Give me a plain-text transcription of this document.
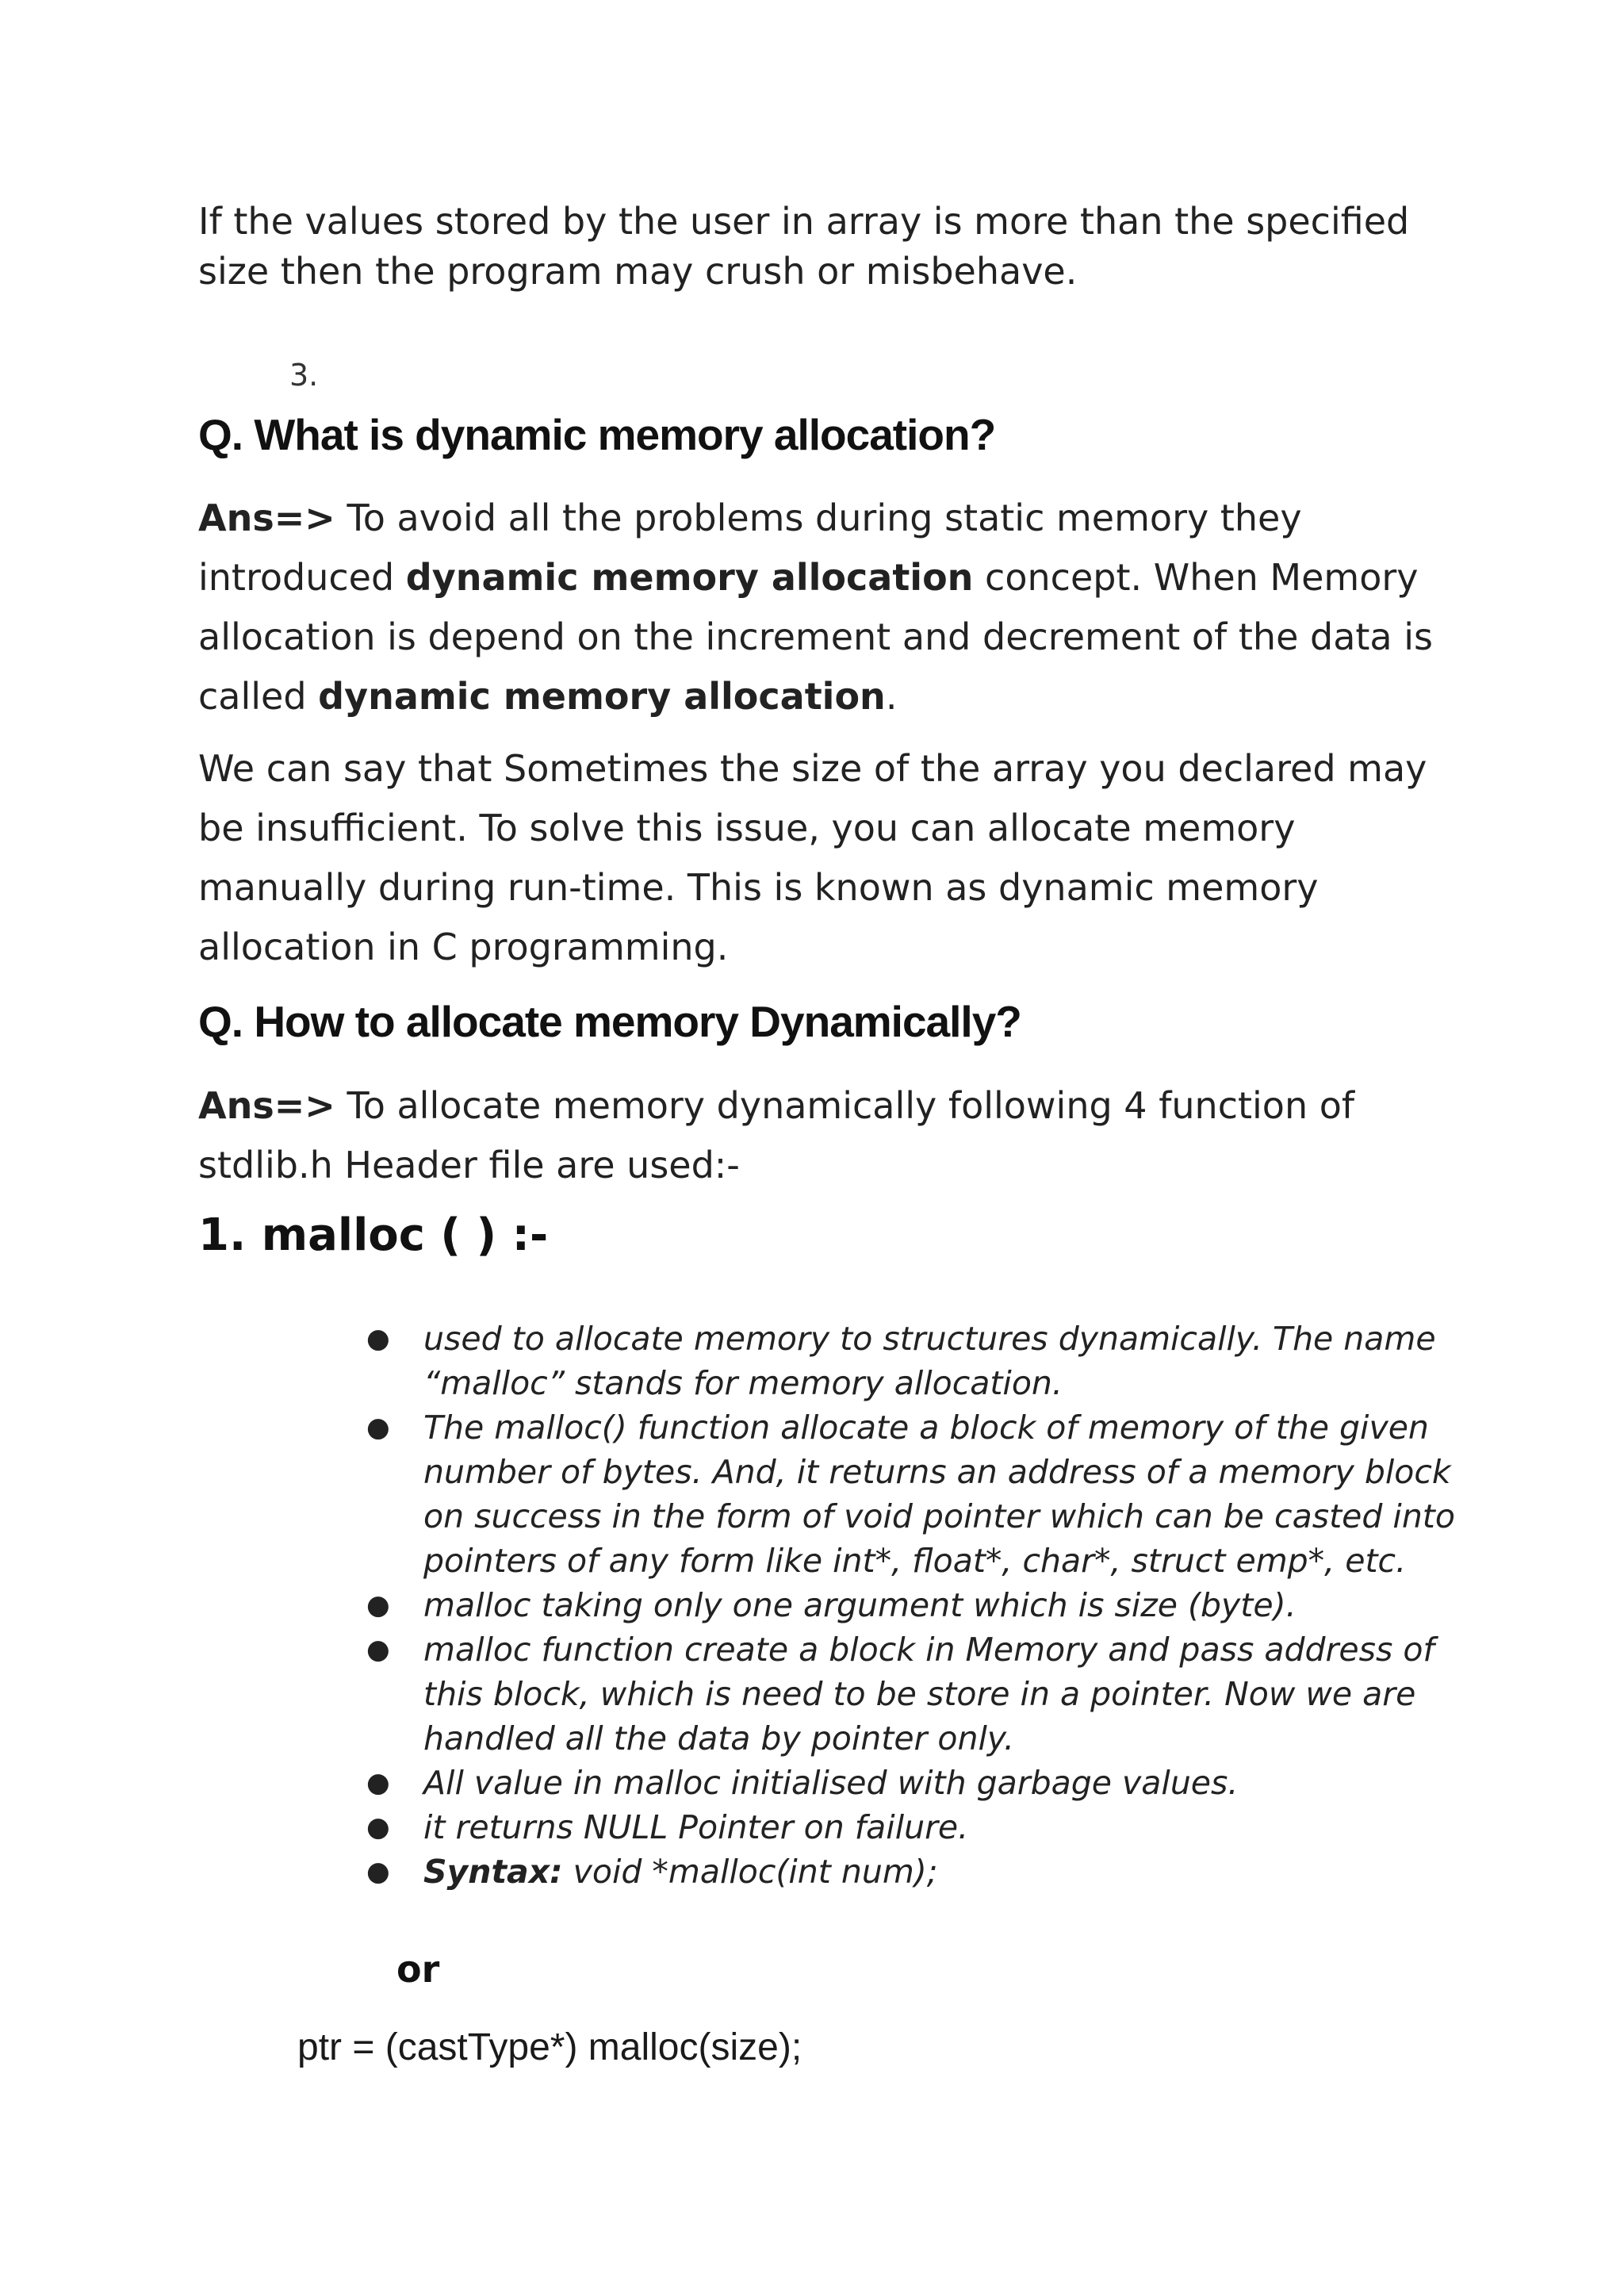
If the values stored by the user in array is more than the specified
size then the program may crush or misbehave.
3.
Q. What is dynamic memory allocation?

Ans=> To avoid all the problems during static memory they introduced dynamic memory allocation concept. When Memory allocation is depend on the increment and decrement of the data is called dynamic memory allocation.

We can say that Sometimes the size of the array you declared may be insufficient. To solve this issue, you can allocate memory manually during run-time. This is known as dynamic memory allocation in C programming.

Q. How to allocate memory Dynamically?

Ans=> To allocate memory dynamically following 4 function of stdlib.h Header file are used:-

1. malloc ( ) :-
● used to allocate memory to structures dynamically. The name “malloc” stands for memory allocation.
● The malloc() function allocate a block of memory of the given number of bytes. And, it returns an address of a memory block on success in the form of void pointer which can be casted into pointers of any form like int*, float*, char*, struct emp*, etc.
● malloc taking only one argument which is size (byte).
● malloc function create a block in Memory and pass address of this block, which is need to be store in a pointer. Now we are handled all the data by pointer only.
● All value in malloc initialised with garbage values.
● it returns NULL Pointer on failure.
● Syntax: void *malloc(int num);
or
ptr = (castType*) malloc(size);
